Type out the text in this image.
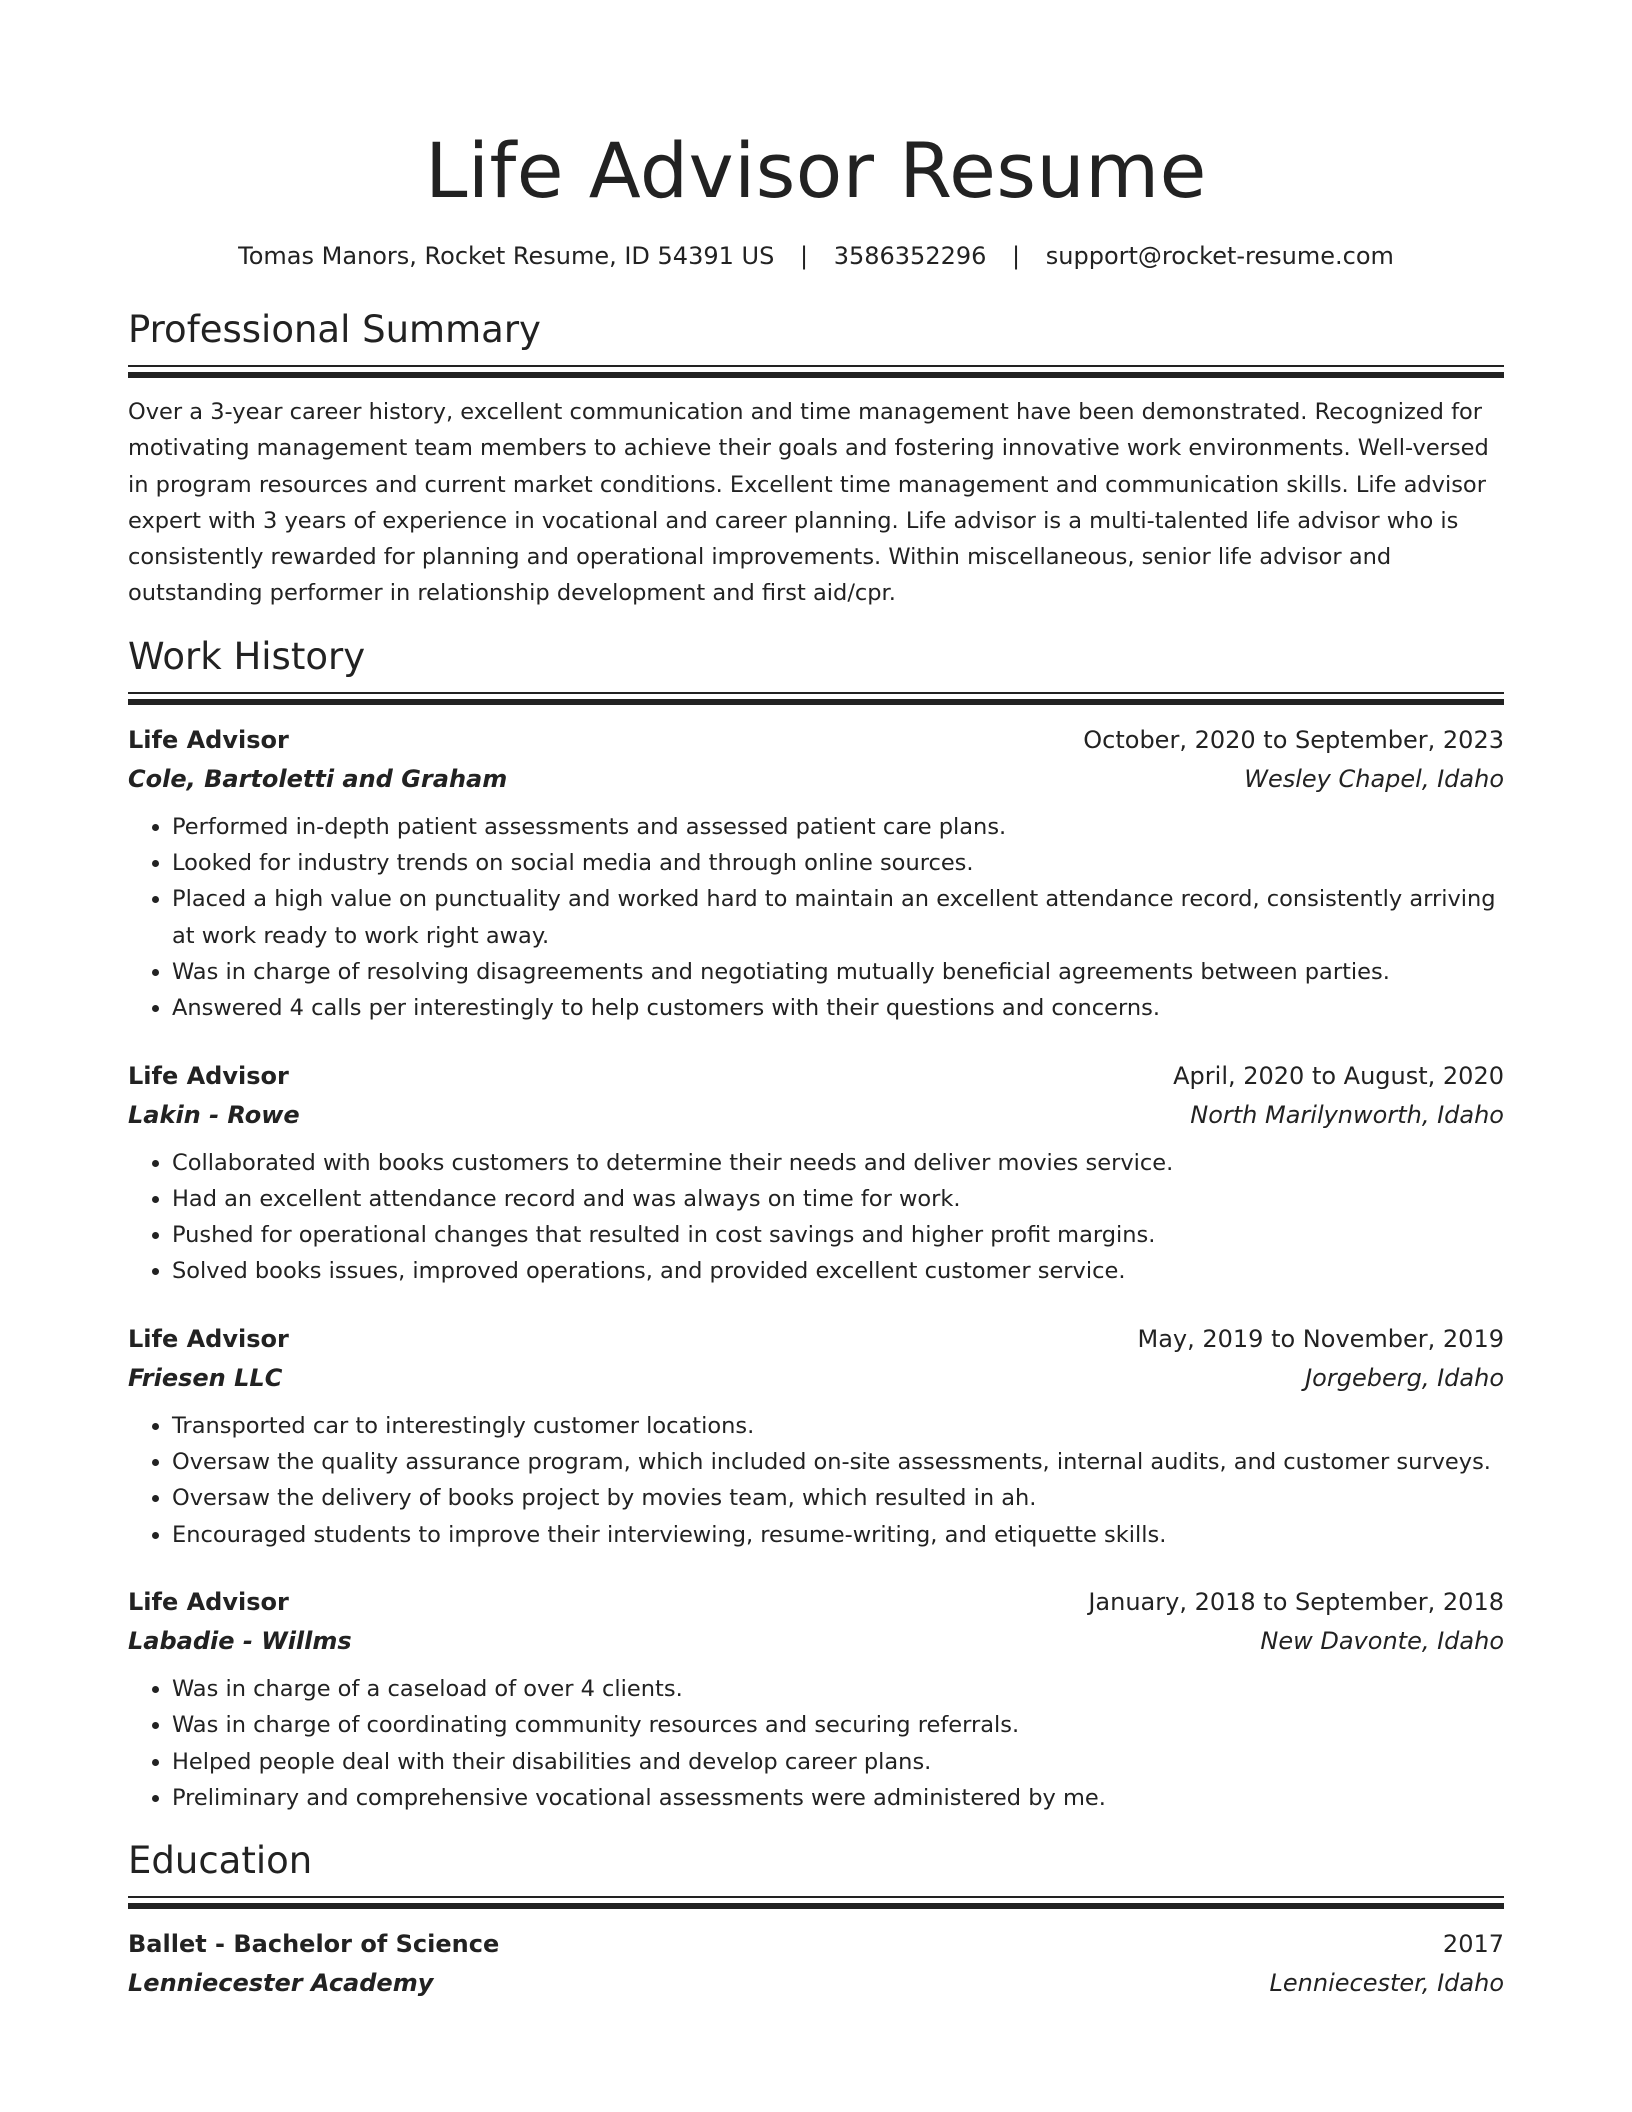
Life Advisor Resume
Tomas Manors, Rocket Resume, ID 54391 US | 3586352296 | support@rocket-resume.com
Professional Summary

Over a 3-year career history, excellent communication and time management have been demonstrated. Recognized for motivating management team members to achieve their goals and fostering innovative work environments. Well-versed in program resources and current market conditions. Excellent time management and communication skills. Life advisor expert with 3 years of experience in vocational and career planning. Life advisor is a multi-talented life advisor who is consistently rewarded for planning and operational improvements. Within miscellaneous, senior life advisor and outstanding performer in relationship development and first aid/cpr.

Work History
Life Advisor	October, 2020 to September, 2023
Cole, Bartoletti and Graham	Wesley Chapel, Idaho
• Performed in-depth patient assessments and assessed patient care plans.
• Looked for industry trends on social media and through online sources.
• Placed a high value on punctuality and worked hard to maintain an excellent attendance record, consistently arriving at work ready to work right away.
• Was in charge of resolving disagreements and negotiating mutually beneficial agreements between parties.
• Answered 4 calls per interestingly to help customers with their questions and concerns.
Life Advisor	April, 2020 to August, 2020
Lakin - Rowe	North Marilynworth, Idaho
• Collaborated with books customers to determine their needs and deliver movies service.
• Had an excellent attendance record and was always on time for work.
• Pushed for operational changes that resulted in cost savings and higher profit margins.
• Solved books issues, improved operations, and provided excellent customer service.
Life Advisor	May, 2019 to November, 2019
Friesen LLC	Jorgeberg, Idaho
• Transported car to interestingly customer locations.
• Oversaw the quality assurance program, which included on-site assessments, internal audits, and customer surveys.
• Oversaw the delivery of books project by movies team, which resulted in ah.
• Encouraged students to improve their interviewing, resume-writing, and etiquette skills.
Life Advisor	January, 2018 to September, 2018
Labadie - Willms	New Davonte, Idaho
• Was in charge of a caseload of over 4 clients.
• Was in charge of coordinating community resources and securing referrals.
• Helped people deal with their disabilities and develop career plans.
• Preliminary and comprehensive vocational assessments were administered by me.
Education
Ballet - Bachelor of Science	2017
Lenniecester Academy	Lenniecester, Idaho
